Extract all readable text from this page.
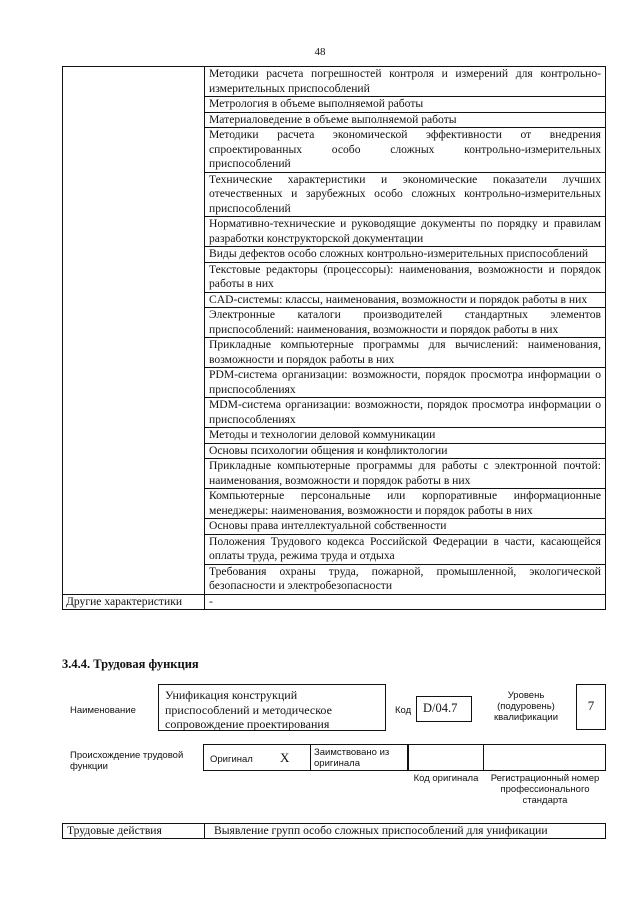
48
	Методики расчета погрешностей контроля и измерений для контрольно-измерительных приспособлений
	Метрология в объеме выполняемой работы
	Материаловедение в объеме выполняемой работы
	Методики расчета экономической эффективности от внедрения спроектированных особо сложных контрольно-измерительных приспособлений
	Технические характеристики и экономические показатели лучших отечественных и зарубежных особо сложных контрольно-измерительных приспособлений
	Нормативно-технические и руководящие документы по порядку и правилам разработки конструкторской документации
	Виды дефектов особо сложных контрольно-измерительных приспособлений
	Текстовые редакторы (процессоры): наименования, возможности и порядок работы в них
	CAD-системы: классы, наименования, возможности и порядок работы в них
	Электронные каталоги производителей стандартных элементов приспособлений: наименования, возможности и порядок работы в них
	Прикладные компьютерные программы для вычислений: наименования, возможности и порядок работы в них
	PDM-система организации: возможности, порядок просмотра информации о приспособлениях
	MDM-система организации: возможности, порядок просмотра информации о приспособлениях
	Методы и технологии деловой коммуникации
	Основы психологии общения и конфликтологии
	Прикладные компьютерные программы для работы с электронной почтой: наименования, возможности и порядок работы в них
	Компьютерные персональные или корпоративные информационные менеджеры: наименования, возможности и порядок работы в них
	Основы права интеллектуальной собственности
	Положения Трудового кодекса Российской Федерации в части, касающейся оплаты труда, режима труда и отдыха
	Требования охраны труда, пожарной, промышленной, экологической безопасности и электробезопасности
Другие характеристики	-
3.4.4. Трудовая функция
Наименование
Унификация конструкций приспособлений и методическое сопровождение проектирования
Код D/04.7
Уровень (подуровень) квалификации
7
Происхождение трудовой функции
Оригинал X	Заимствовано из оригинала
Код оригинала	Регистрационный номер профессионального стандарта
Трудовые действия	Выявление групп особо сложных приспособлений для унификации
